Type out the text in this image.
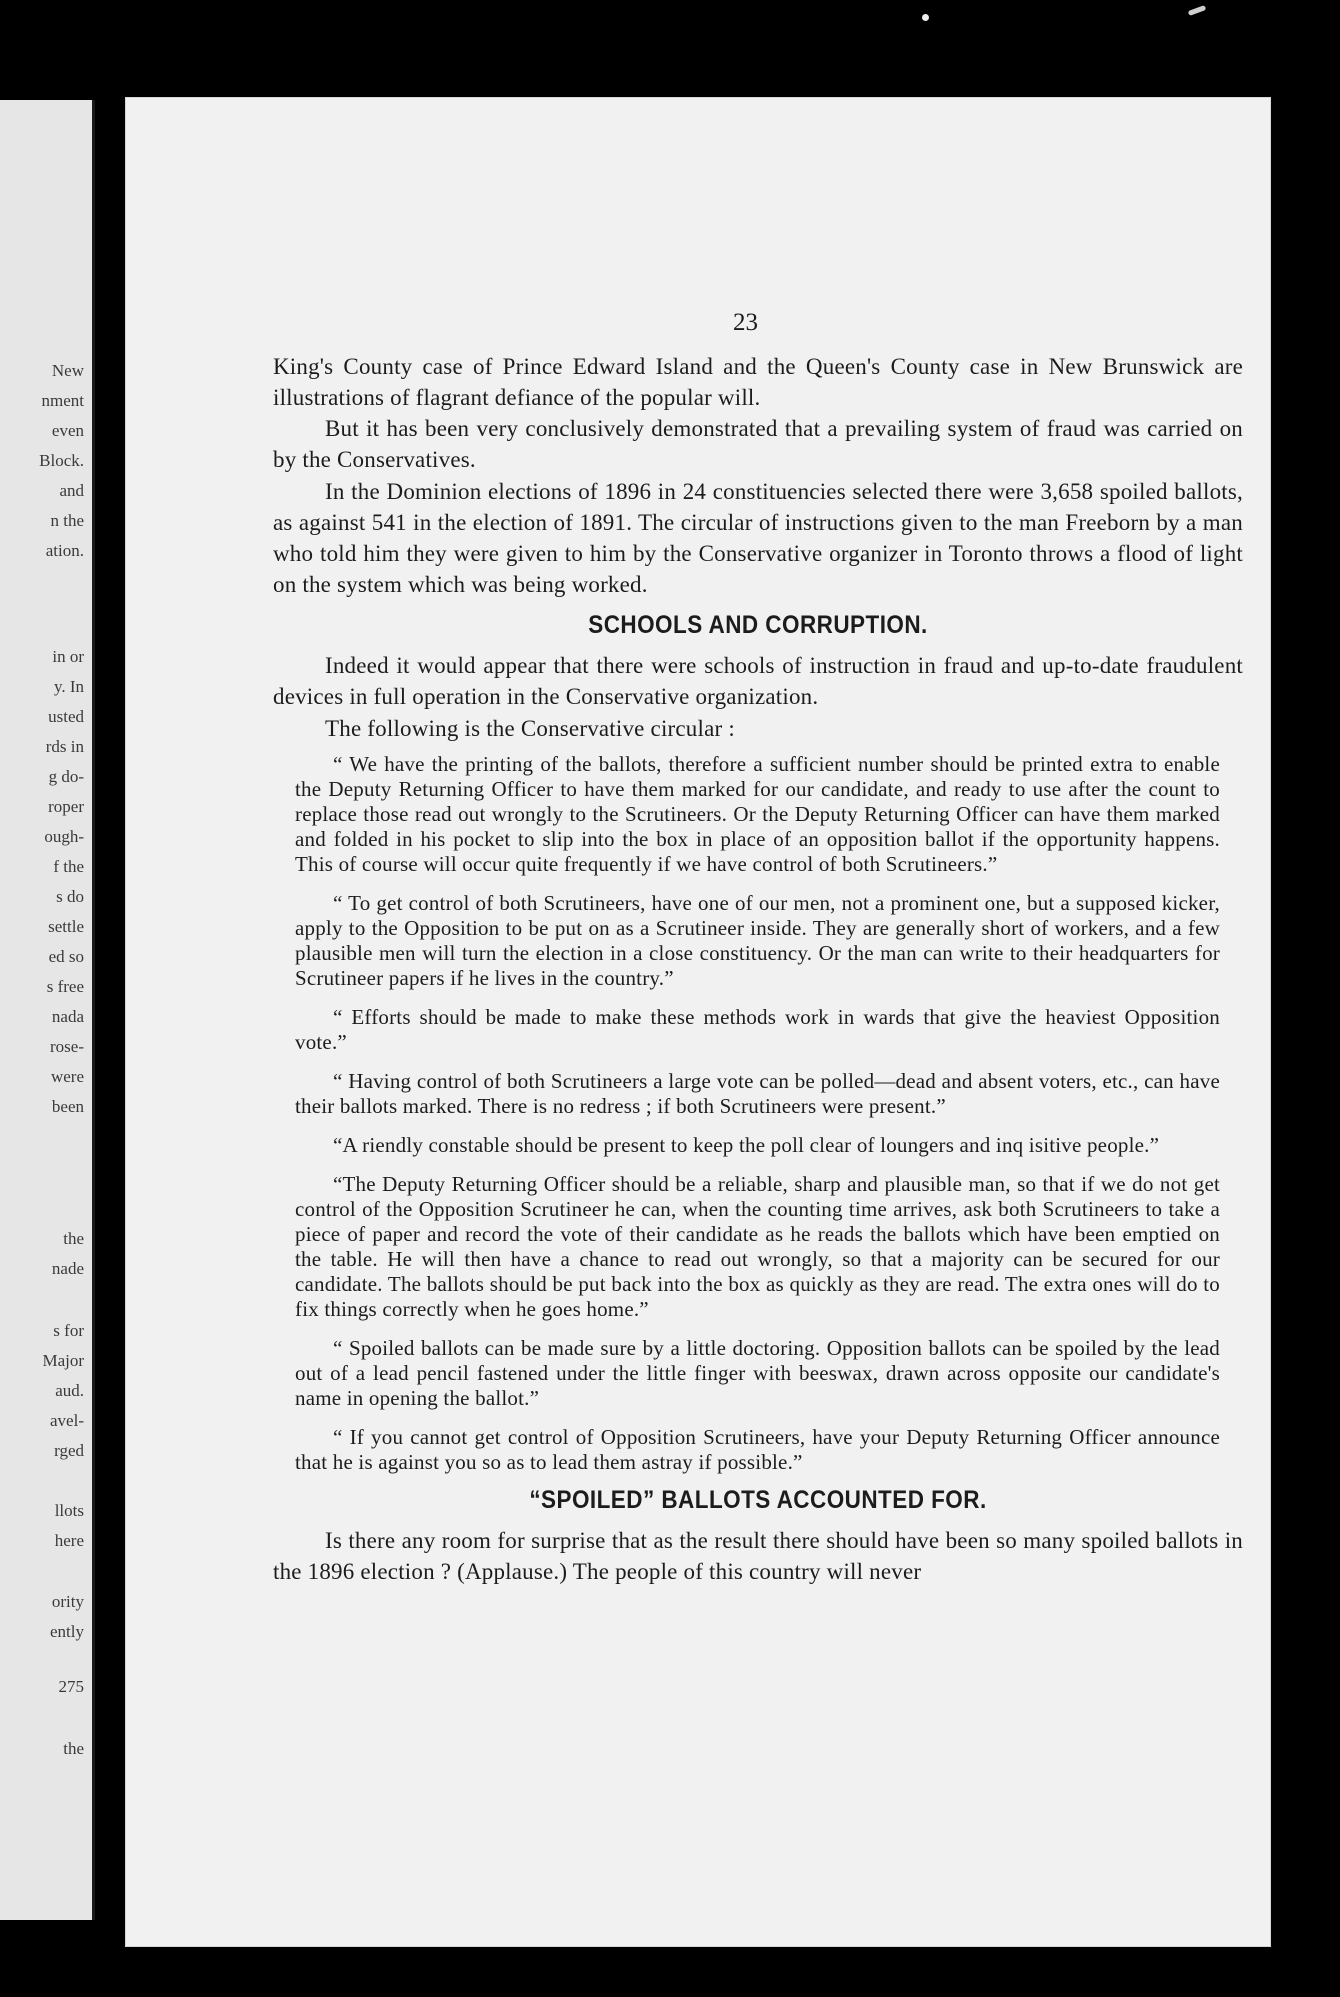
New
nment
even
Block.
and
n the
ation.
in or
y. In
usted
rds in
g do-
roper
ough-
f the
s do
settle
ed so
s free
nada
rose-
were
been
the
nade
s for
Major
aud.
avel-
rged
llots
here
ority
ently
275
the
23

King's County case of Prince Edward Island and the Queen's County case in New Brunswick are illustrations of flagrant defiance of the popular will.

But it has been very conclusively demonstrated that a prevailing system of fraud was carried on by the Conservatives.

In the Dominion elections of 1896 in 24 constituencies selected there were 3,658 spoiled ballots, as against 541 in the election of 1891. The circular of instructions given to the man Freeborn by a man who told him they were given to him by the Conservative organizer in Toronto throws a flood of light on the system which was being worked.

SCHOOLS AND CORRUPTION.

Indeed it would appear that there were schools of instruction in fraud and up-to-date fraudulent devices in full operation in the Conservative organization.

The following is the Conservative circular :

“ We have the printing of the ballots, therefore a sufficient number should be printed extra to enable the Deputy Returning Officer to have them marked for our candidate, and ready to use after the count to replace those read out wrongly to the Scrutineers. Or the Deputy Returning Officer can have them marked and folded in his pocket to slip into the box in place of an opposition ballot if the opportunity happens. This of course will occur quite frequently if we have control of both Scrutineers.”

“ To get control of both Scrutineers, have one of our men, not a prominent one, but a supposed kicker, apply to the Opposition to be put on as a Scrutineer inside. They are generally short of workers, and a few plausible men will turn the election in a close constituency. Or the man can write to their headquarters for Scrutineer papers if he lives in the country.”

“ Efforts should be made to make these methods work in wards that give the heaviest Opposition vote.”

“ Having control of both Scrutineers a large vote can be polled—dead and absent voters, etc., can have their ballots marked. There is no redress ; if both Scrutineers were present.”

“A riendly constable should be present to keep the poll clear of loungers and inq isitive people.”

“The Deputy Returning Officer should be a reliable, sharp and plausible man, so that if we do not get control of the Opposition Scrutineer he can, when the counting time arrives, ask both Scrutineers to take a piece of paper and record the vote of their candidate as he reads the ballots which have been emptied on the table. He will then have a chance to read out wrongly, so that a majority can be secured for our candidate. The ballots should be put back into the box as quickly as they are read. The extra ones will do to fix things correctly when he goes home.”

“ Spoiled ballots can be made sure by a little doctoring. Opposition ballots can be spoiled by the lead out of a lead pencil fastened under the little finger with beeswax, drawn across opposite our candidate's name in opening the ballot.”

“ If you cannot get control of Opposition Scrutineers, have your Deputy Returning Officer announce that he is against you so as to lead them astray if possible.”

“SPOILED” BALLOTS ACCOUNTED FOR.

Is there any room for surprise that as the result there should have been so many spoiled ballots in the 1896 election ? (Applause.) The people of this country will never
